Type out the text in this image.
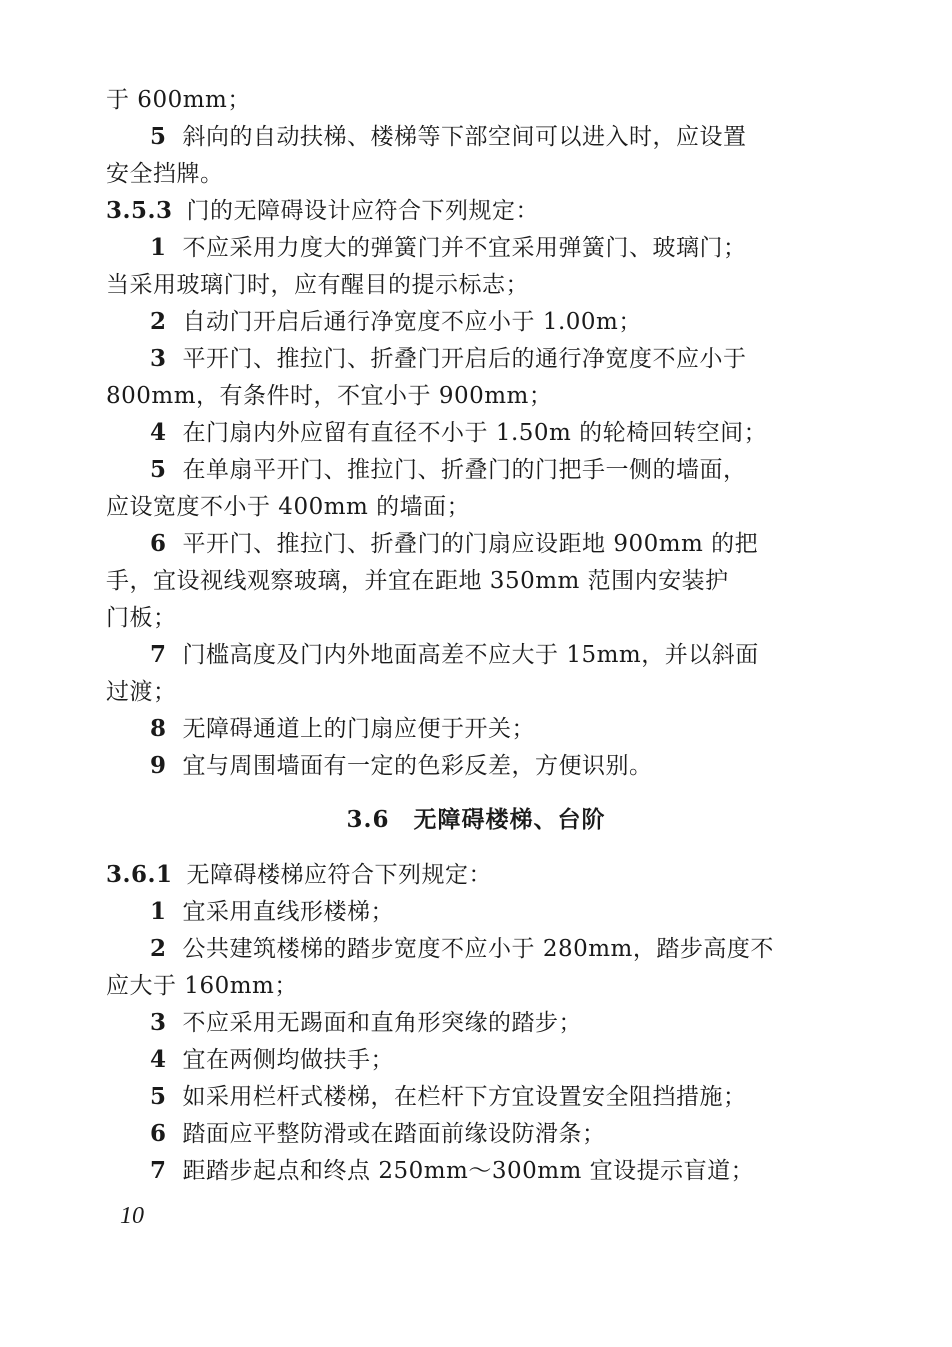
于 600mm；
5 斜向的自动扶梯、楼梯等下部空间可以进入时，应设置
安全挡牌。
3.5.3 门的无障碍设计应符合下列规定：
1 不应采用力度大的弹簧门并不宜采用弹簧门、玻璃门；
当采用玻璃门时，应有醒目的提示标志；
2 自动门开启后通行净宽度不应小于 1.00m；
3 平开门、推拉门、折叠门开启后的通行净宽度不应小于
800mm，有条件时，不宜小于 900mm；
4 在门扇内外应留有直径不小于 1.50m 的轮椅回转空间；
5 在单扇平开门、推拉门、折叠门的门把手一侧的墙面，
应设宽度不小于 400mm 的墙面；
6 平开门、推拉门、折叠门的门扇应设距地 900mm 的把
手，宜设视线观察玻璃，并宜在距地 350mm 范围内安装护
门板；
7 门槛高度及门内外地面高差不应大于 15mm，并以斜面
过渡；
8 无障碍通道上的门扇应便于开关；
9 宜与周围墙面有一定的色彩反差，方便识别。
3.6 无障碍楼梯、台阶
3.6.1 无障碍楼梯应符合下列规定：
1 宜采用直线形楼梯；
2 公共建筑楼梯的踏步宽度不应小于 280mm，踏步高度不
应大于 160mm；
3 不应采用无踢面和直角形突缘的踏步；
4 宜在两侧均做扶手；
5 如采用栏杆式楼梯，在栏杆下方宜设置安全阻挡措施；
6 踏面应平整防滑或在踏面前缘设防滑条；
7 距踏步起点和终点 250mm～300mm 宜设提示盲道；
10
